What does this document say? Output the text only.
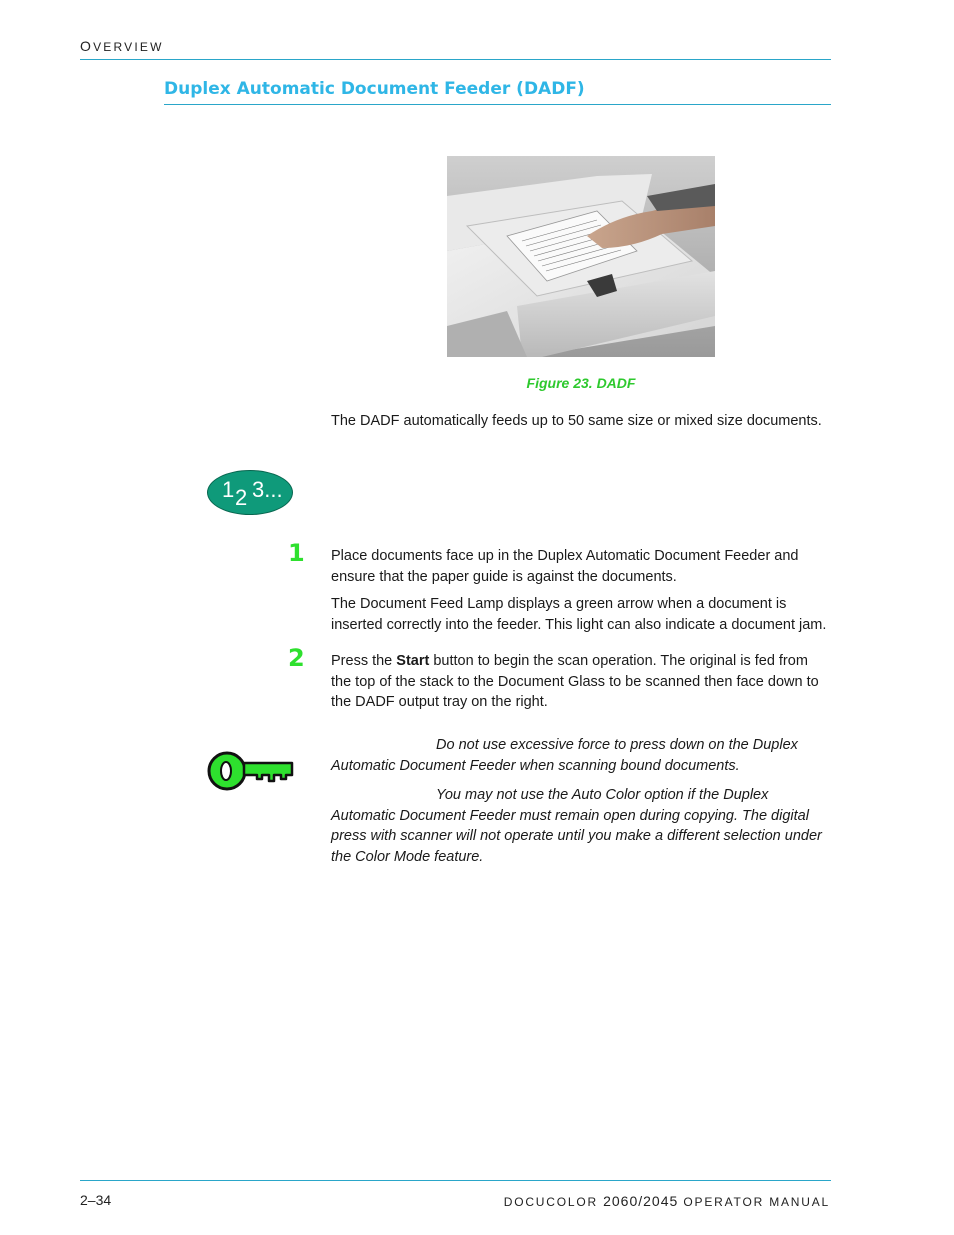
OVERVIEW
Duplex Automatic Document Feeder (DADF)
Figure 23. DADF
The DADF automatically feeds up to 50 same size or mixed size documents.
1 2 3...
1 Place documents face up in the Duplex Automatic Document Feeder and ensure that the paper guide is against the documents.
The Document Feed Lamp displays a green arrow when a document is inserted correctly into the feeder. This light can also indicate a document jam.
2 Press the Start button to begin the scan operation. The original is fed from the top of the stack to the Document Glass to be scanned then face down to the DADF output tray on the right.
Do not use excessive force to press down on the Duplex Automatic Document Feeder when scanning bound documents.
You may not use the Auto Color option if the Duplex Automatic Document Feeder must remain open during copying. The digital press with scanner will not operate until you make a different selection under the Color Mode feature.
2–34	DOCUCOLOR 2060/2045 OPERATOR MANUAL
